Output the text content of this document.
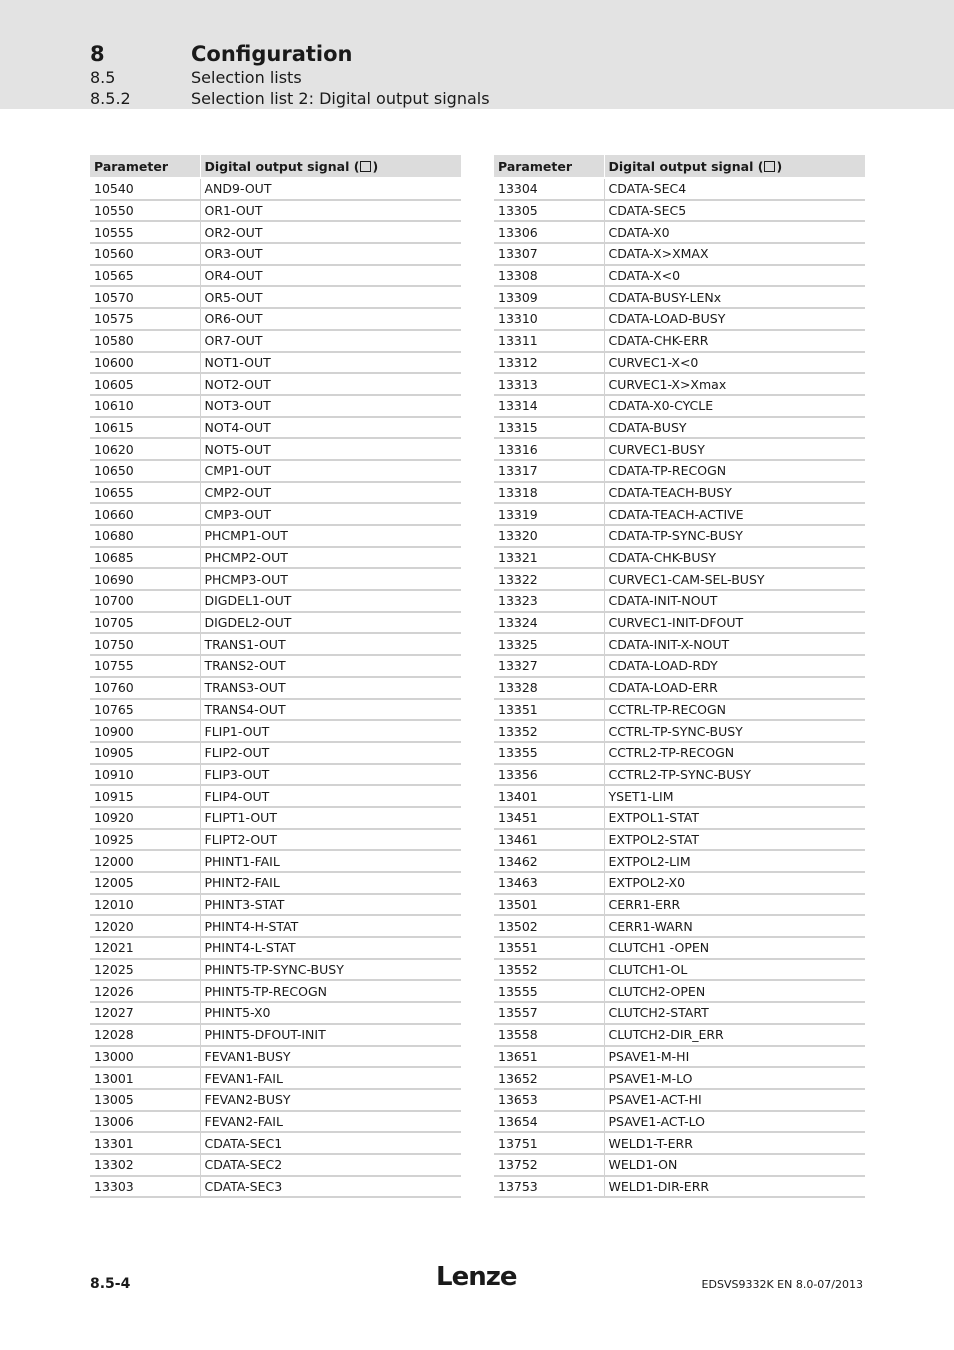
8	Configuration
8.5	Selection lists
8.5.2	Selection list 2: Digital output signals
Parameter	Digital output signal ( )
10540	AND9-OUT
10550	OR1-OUT
10555	OR2-OUT
10560	OR3-OUT
10565	OR4-OUT
10570	OR5-OUT
10575	OR6-OUT
10580	OR7-OUT
10600	NOT1-OUT
10605	NOT2-OUT
10610	NOT3-OUT
10615	NOT4-OUT
10620	NOT5-OUT
10650	CMP1-OUT
10655	CMP2-OUT
10660	CMP3-OUT
10680	PHCMP1-OUT
10685	PHCMP2-OUT
10690	PHCMP3-OUT
10700	DIGDEL1-OUT
10705	DIGDEL2-OUT
10750	TRANS1-OUT
10755	TRANS2-OUT
10760	TRANS3-OUT
10765	TRANS4-OUT
10900	FLIP1-OUT
10905	FLIP2-OUT
10910	FLIP3-OUT
10915	FLIP4-OUT
10920	FLIPT1-OUT
10925	FLIPT2-OUT
12000	PHINT1-FAIL
12005	PHINT2-FAIL
12010	PHINT3-STAT
12020	PHINT4-H-STAT
12021	PHINT4-L-STAT
12025	PHINT5-TP-SYNC-BUSY
12026	PHINT5-TP-RECOGN
12027	PHINT5-X0
12028	PHINT5-DFOUT-INIT
13000	FEVAN1-BUSY
13001	FEVAN1-FAIL
13005	FEVAN2-BUSY
13006	FEVAN2-FAIL
13301	CDATA-SEC1
13302	CDATA-SEC2
13303	CDATA-SEC3
Parameter	Digital output signal ( )
13304	CDATA-SEC4
13305	CDATA-SEC5
13306	CDATA-X0
13307	CDATA-X>XMAX
13308	CDATA-X<0
13309	CDATA-BUSY-LENx
13310	CDATA-LOAD-BUSY
13311	CDATA-CHK-ERR
13312	CURVEC1-X<0
13313	CURVEC1-X>Xmax
13314	CDATA-X0-CYCLE
13315	CDATA-BUSY
13316	CURVEC1-BUSY
13317	CDATA-TP-RECOGN
13318	CDATA-TEACH-BUSY
13319	CDATA-TEACH-ACTIVE
13320	CDATA-TP-SYNC-BUSY
13321	CDATA-CHK-BUSY
13322	CURVEC1-CAM-SEL-BUSY
13323	CDATA-INIT-NOUT
13324	CURVEC1-INIT-DFOUT
13325	CDATA-INIT-X-NOUT
13327	CDATA-LOAD-RDY
13328	CDATA-LOAD-ERR
13351	CCTRL-TP-RECOGN
13352	CCTRL-TP-SYNC-BUSY
13355	CCTRL2-TP-RECOGN
13356	CCTRL2-TP-SYNC-BUSY
13401	YSET1-LIM
13451	EXTPOL1-STAT
13461	EXTPOL2-STAT
13462	EXTPOL2-LIM
13463	EXTPOL2-X0
13501	CERR1-ERR
13502	CERR1-WARN
13551	CLUTCH1 -OPEN
13552	CLUTCH1-OL
13555	CLUTCH2-OPEN
13557	CLUTCH2-START
13558	CLUTCH2-DIR_ERR
13651	PSAVE1-M-HI
13652	PSAVE1-M-LO
13653	PSAVE1-ACT-HI
13654	PSAVE1-ACT-LO
13751	WELD1-T-ERR
13752	WELD1-ON
13753	WELD1-DIR-ERR
8.5-4	Lenze	EDSVS9332K EN 8.0-07/2013
